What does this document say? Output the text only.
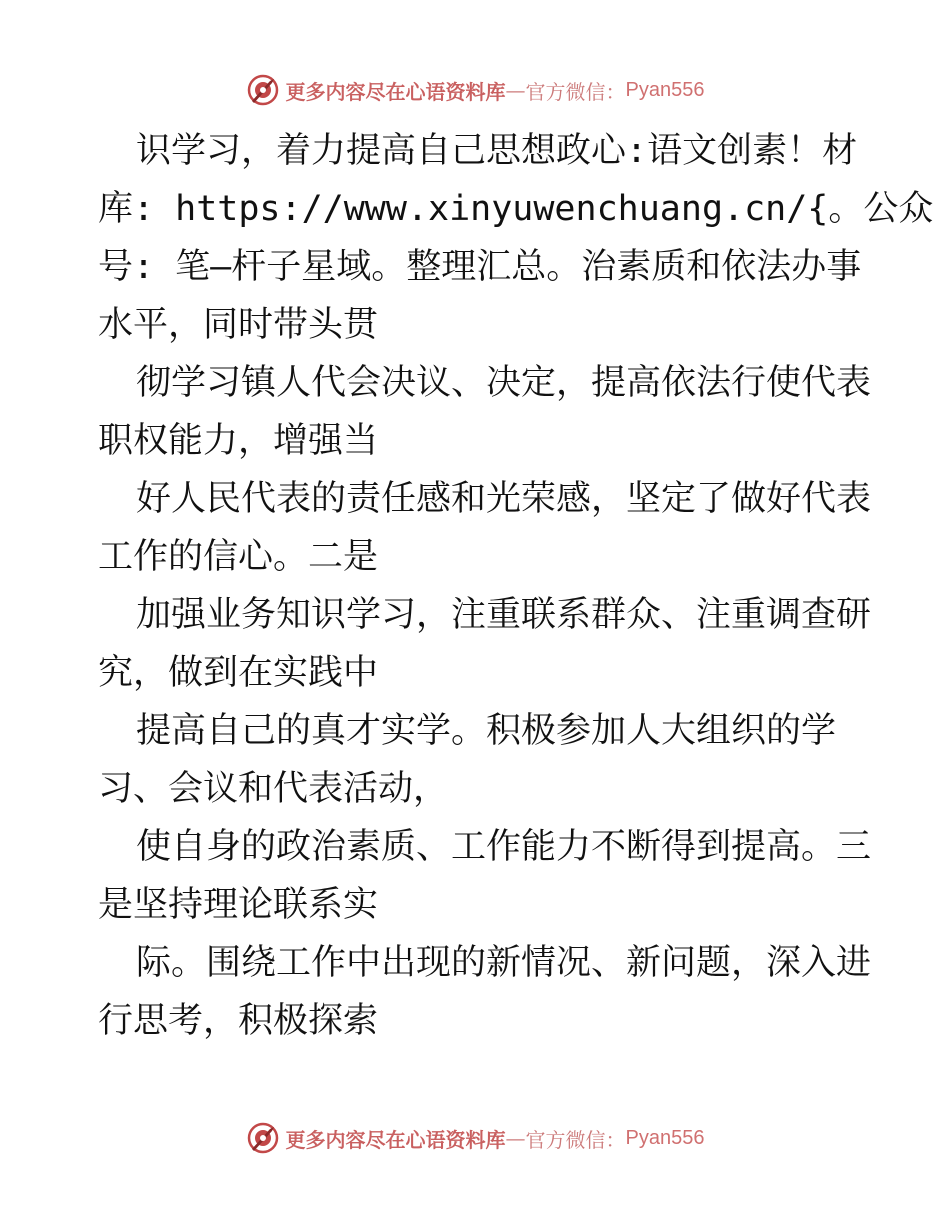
更多内容尽在心语资料库 — 官方微信： Pyan556
识学习，着力提高自己思想政心:语文创素！材
库: https://www.xinyuwenchuang.cn/{。公众
号: 笔—杆子星域。整理汇总。治素质和依法办事
水平，同时带头贯
彻学习镇人代会决议、决定，提高依法行使代表
职权能力，增强当
好人民代表的责任感和光荣感，坚定了做好代表
工作的信心。二是
加强业务知识学习，注重联系群众、注重调查研
究，做到在实践中
提高自己的真才实学。积极参加人大组织的学
习、会议和代表活动，
使自身的政治素质、工作能力不断得到提高。三
是坚持理论联系实
际。围绕工作中出现的新情况、新问题，深入进
行思考，积极探索
更多内容尽在心语资料库 — 官方微信： Pyan556
